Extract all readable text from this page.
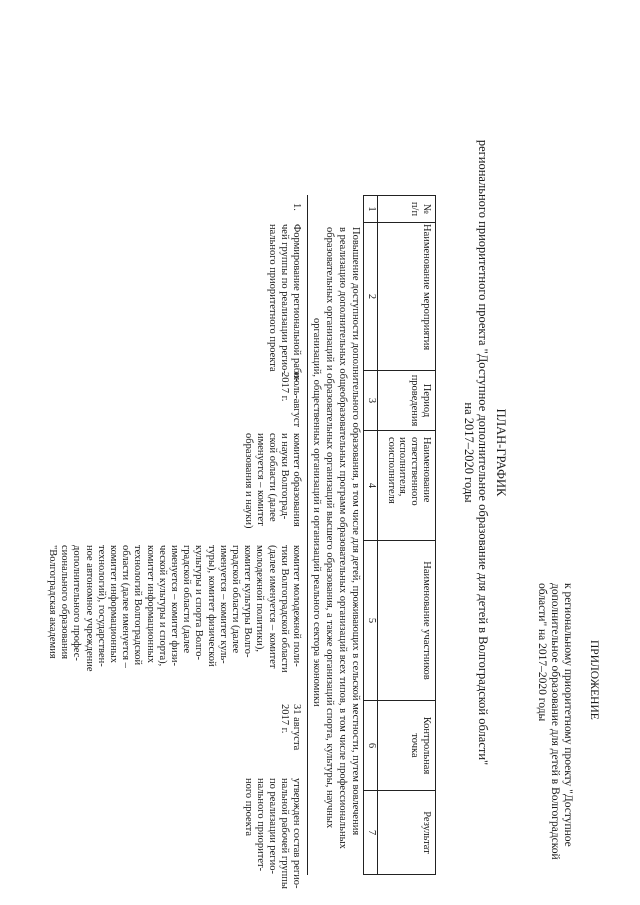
ПРИЛОЖЕНИЕ
к региональному приоритетному проекту "Доступное
дополнительное образование для детей в Волгоградской
области" на 2017–2020 годы
ПЛАН-ГРАФИК
регионального приоритетного проекта "Доступное дополнительное образование для детей в Волгоградской области"
на 2017–2020 годы
№
п/п
Наименование мероприятия
Период
проведения
Наименование
ответственного
исполнителя,
соисполнителя
Наименование участников
Контрольная
точка
Результат
1
2
3
4
5
6
7
Повышение доступности дополнительного образования, в том числе для детей, проживающих в сельской местности, путем вовлечения
в реализацию дополнительных общеобразовательных программ образовательных организаций всех типов, в том числе профессиональных
образовательных организаций и образовательных организаций высшего образования, а также организаций спорта, культуры, научных
организаций, общественных организаций и организаций реального сектора экономики
1.
Формирование региональной рабо-
чей группы по реализации регио-
нального приоритетного проекта
июль-август
2017 г.
комитет образования
и науки Волгоград-
ской области (далее
именуется – комитет
образования и науки)
комитет молодежной поли-
тики Волгоградской области
(далее именуется – комитет
молодежной политики),
комитет культуры Волго-
градской области (далее
именуется – комитет куль-
туры), комитет физической
культуры и спорта Волго-
градской области (далее
именуется – комитет физи-
ческой культуры и спорта),
комитет информационных
технологий Волгоградской
области (далее именуется –
комитет информационных
технологий), государствен-
ное автономное учреждение
дополнительного профес-
сионального образования
"Волгоградская академия
31 августа
2017 г.
утвержден состав регио-
нальной рабочей группы
по реализации регио-
нального приоритет-
ного проекта
